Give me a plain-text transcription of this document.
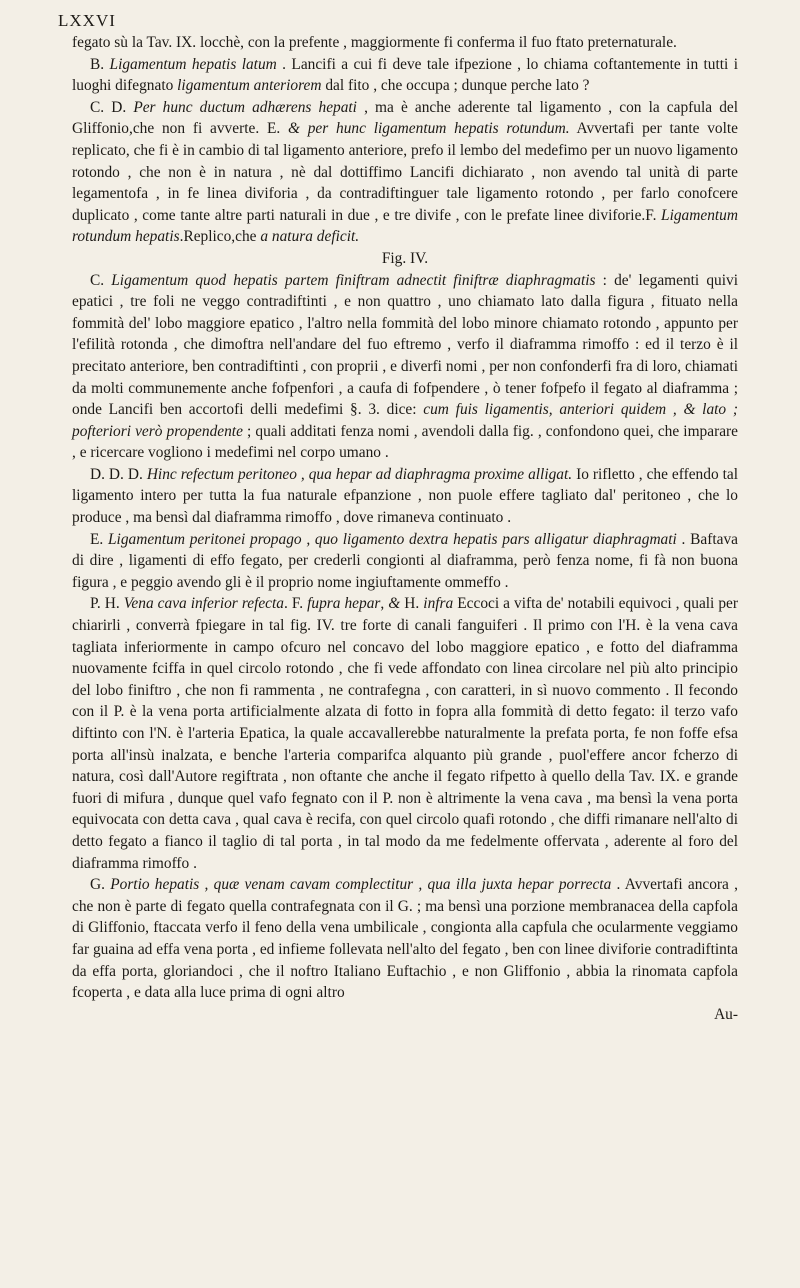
LXXVI

fegato sù la Tav. IX. locchè, con la prefente , maggiormente fi conferma il fuo ftato preternaturale.

B. Ligamentum hepatis latum . Lancifi a cui fi deve tale ifpezione , lo chiama coftantemente in tutti i luoghi difegnato ligamentum anteriorem dal fito , che occupa ; dunque perche lato ?

C. D. Per hunc ductum adhærens hepati , ma è anche aderente tal ligamento , con la capfula del Gliffonio,che non fi avverte. E. & per hunc ligamentum hepatis rotundum. Avvertafi per tante volte replicato, che fi è in cambio di tal ligamento anteriore, prefo il lembo del medefimo per un nuovo ligamento rotondo , che non è in natura , nè dal dottiffimo Lancifi dichiarato , non avendo tal unità di parte legamentofa , in fe linea diviforia , da contradiftinguer tale ligamento rotondo , per farlo conofcere duplicato , come tante altre parti naturali in due , e tre divife , con le prefate linee diviforie.F. Ligamentum rotundum hepatis.Replico,che a natura deficit.

Fig. IV.

C. Ligamentum quod hepatis partem finiftram adnectit finiftræ diaphragmatis : de' legamenti quivi epatici , tre foli ne veggo contradiftinti , e non quattro , uno chiamato lato dalla figura , fituato nella fommità del' lobo maggiore epatico , l'altro nella fommità del lobo minore chiamato rotondo , appunto per l'efilità rotonda , che dimoftra nell'andare del fuo eftremo , verfo il diaframma rimoffo : ed il terzo è il precitato anteriore, ben contradiftinti , con proprii , e diverfi nomi , per non confonderfi fra di loro, chiamati da molti communemente anche fofpenfori , a caufa di fofpendere , ò tener fofpefo il fegato al diaframma ; onde Lancifi ben accortofi delli medefimi §. 3. dice: cum fuis ligamentis, anteriori quidem , & lato ; pofteriori verò propendente ; quali additati fenza nomi , avendoli dalla fig. , confondono quei, che imparare , e ricercare vogliono i medefimi nel corpo umano .

D. D. D. Hinc refectum peritoneo , qua hepar ad diaphragma proxime alligat. Io rifletto , che effendo tal ligamento intero per tutta la fua naturale efpanzione , non puole effere tagliato dal' peritoneo , che lo produce , ma bensì dal diaframma rimoffo , dove rimaneva continuato .

E. Ligamentum peritonei propago , quo ligamento dextra hepatis pars alligatur diaphragmati . Baftava di dire , ligamenti di effo fegato, per crederli congionti al diaframma, però fenza nome, fi fà non buona figura , e peggio avendo gli è il proprio nome ingiuftamente ommeffo .

P. H. Vena cava inferior refecta. F. fupra hepar, & H. infra Eccoci a vifta de' notabili equivoci , quali per chiarirli , converrà fpiegare in tal fig. IV. tre forte di canali fanguiferi . Il primo con l'H. è la vena cava tagliata inferiormente in campo ofcuro nel concavo del lobo maggiore epatico , e fotto del diaframma nuovamente fciffa in quel circolo rotondo , che fi vede affondato con linea circolare nel più alto principio del lobo finiftro , che non fi rammenta , ne contrafegna , con caratteri, in sì nuovo commento . Il fecondo con il P. è la vena porta artificialmente alzata di fotto in fopra alla fommità di detto fegato: il terzo vafo diftinto con l'N. è l'arteria Epatica, la quale accavallerebbe naturalmente la prefata porta, fe non foffe efsa porta all'insù inalzata, e benche l'arteria comparifca alquanto più grande , puol'effere ancor fcherzo di natura, così dall'Autore regiftrata , non oftante che anche il fegato rifpetto à quello della Tav. IX. e grande fuori di mifura , dunque quel vafo fegnato con il P. non è altrimente la vena cava , ma bensì la vena porta equivocata con detta cava , qual cava è recifa, con quel circolo quafi rotondo , che diffi rimanare nell'alto di detto fegato a fianco il taglio di tal porta , in tal modo da me fedelmente offervata , aderente al foro del diaframma rimoffo .

G. Portio hepatis , quæ venam cavam complectitur , qua illa juxta hepar porrecta . Avvertafi ancora , che non è parte di fegato quella contrafegnata con il G. ; ma bensì una porzione membranacea della capfola di Gliffonio, ftaccata verfo il feno della vena umbilicale , congionta alla capfula che ocularmente veggiamo far guaina ad effa vena porta , ed infieme follevata nell'alto del fegato , ben con linee diviforie contradiftinta da effa porta, gloriandoci , che il noftro Italiano Euftachio , e non Gliffonio , abbia la rinomata capfola fcoperta , e data alla luce prima di ogni altro

Au-
